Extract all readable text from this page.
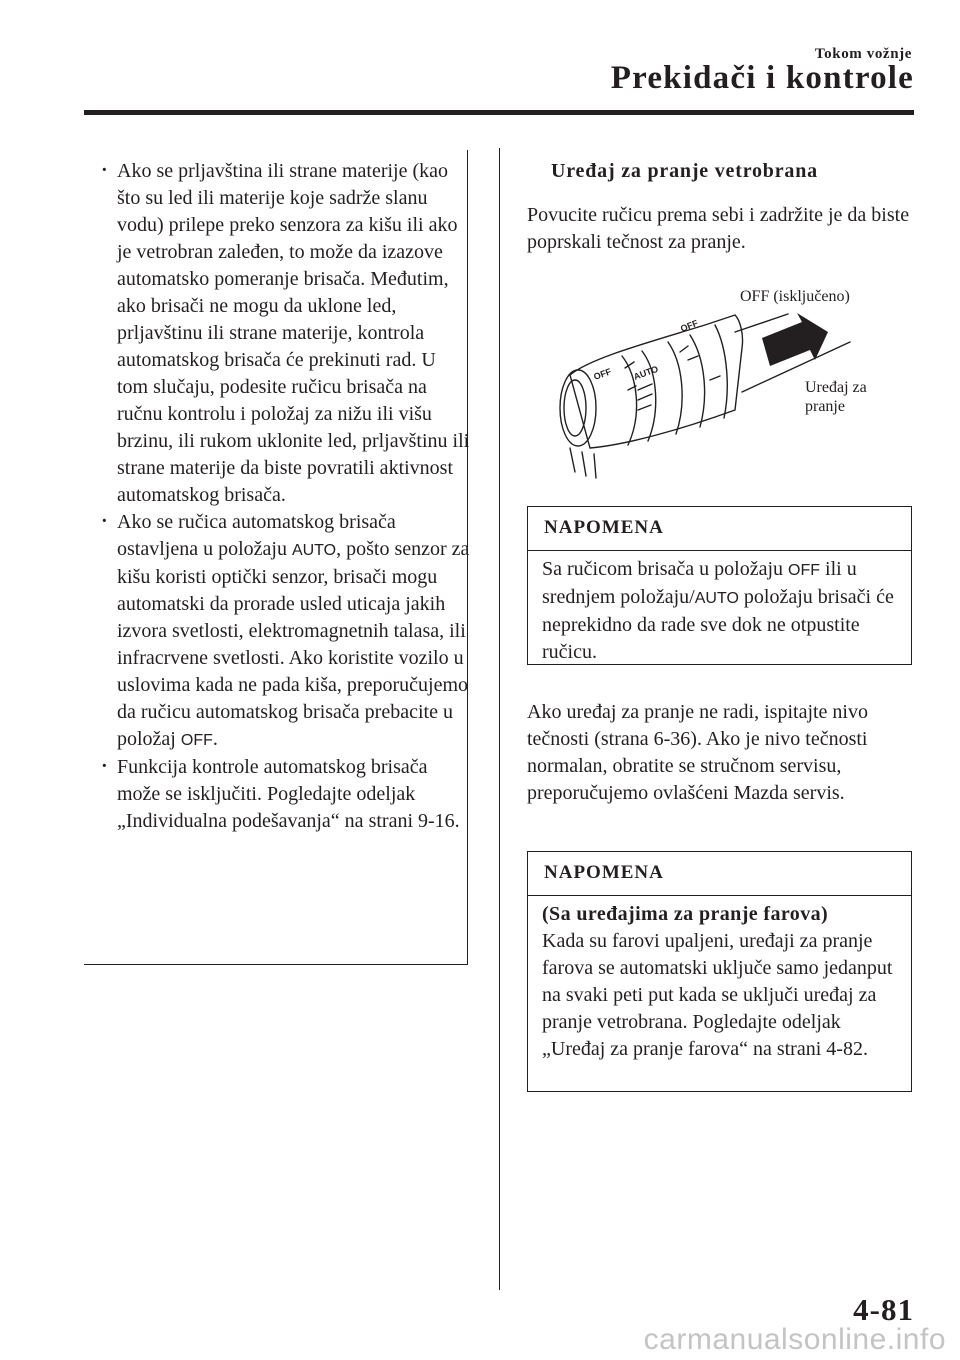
Tokom vožnje
Prekidači i kontrole
· Ako se prljavština ili strane materije (kao što su led ili materije koje sadrže slanu vodu) prilepe preko senzora za kišu ili ako je vetrobran zaleđen, to može da izazove automatsko pomeranje brisača. Međutim, ako brisači ne mogu da uklone led, prljavštinu ili strane materije, kontrola automatskog brisača će prekinuti rad. U tom slučaju, podesite ručicu brisača na ručnu kontrolu i položaj za nižu ili višu brzinu, ili rukom uklonite led, prljavštinu ili strane materije da biste povratili aktivnost automatskog brisača.
· Ako se ručica automatskog brisača ostavljena u položaju AUTO, pošto senzor za kišu koristi optički senzor, brisači mogu automatski da prorade usled uticaja jakih izvora svetlosti, elektromagnetnih talasa, ili infracrvene svetlosti. Ako koristite vozilo u uslovima kada ne pada kiša, preporučujemo da ručicu automatskog brisača prebacite u položaj OFF.
· Funkcija kontrole automatskog brisača može se isključiti. Pogledajte odeljak „Individualna podešavanja“ na strani 9-16.
Uređaj za pranje vetrobrana
Povucite ručicu prema sebi i zadržite je da biste poprskali tečnost za pranje.
OFF AUTO
OFF
OFF (isključeno)
Uređaj za
pranje
NAPOMENA
Sa ručicom brisača u položaju OFF ili u srednjem položaju/AUTO položaju brisači će neprekidno da rade sve dok ne otpustite ručicu.
Ako uređaj za pranje ne radi, ispitajte nivo tečnosti (strana 6-36). Ako je nivo tečnosti normalan, obratite se stručnom servisu, preporučujemo ovlašćeni Mazda servis.
NAPOMENA
(Sa uređajima za pranje farova)
Kada su farovi upaljeni, uređaji za pranje farova se automatski uključe samo jedanput na svaki peti put kada se uključi uređaj za pranje vetrobrana. Pogledajte odeljak „Uređaj za pranje farova“ na strani 4-82.
4-81
carmanualsonline.info
